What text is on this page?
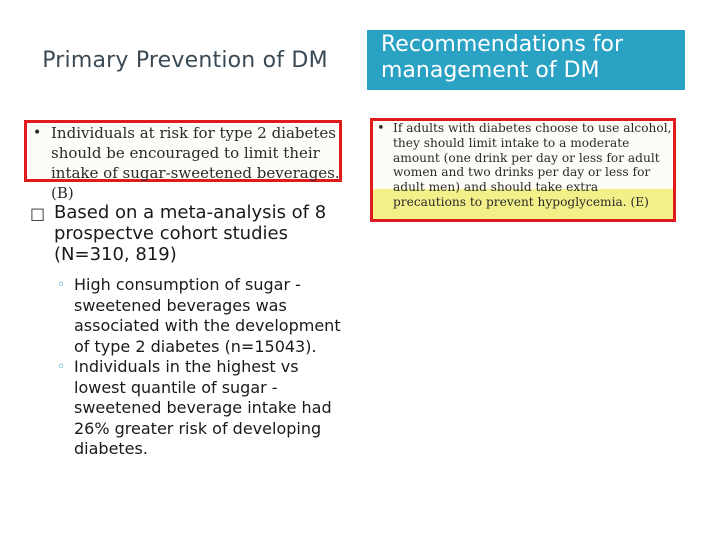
Primary Prevention of DM
Recommendations for management of DM
• Individuals at risk for type 2 diabetes should be encouraged to limit their intake of sugar-sweetened beverages. (B)
• If adults with diabetes choose to use alcohol, they should limit intake to a moderate amount (one drink per day or less for adult women and two drinks per day or less for adult men) and should take extra precautions to prevent hypoglycemia. (E)
□ Based on a meta-analysis of 8 prospectve cohort studies (N=310, 819)
◦ High consumption of sugar -sweetened beverages was associated with the development of type 2 diabetes (n=15043).
◦ Individuals in the highest vs lowest quantile of sugar -sweetened beverage intake had 26% greater risk of developing diabetes.
